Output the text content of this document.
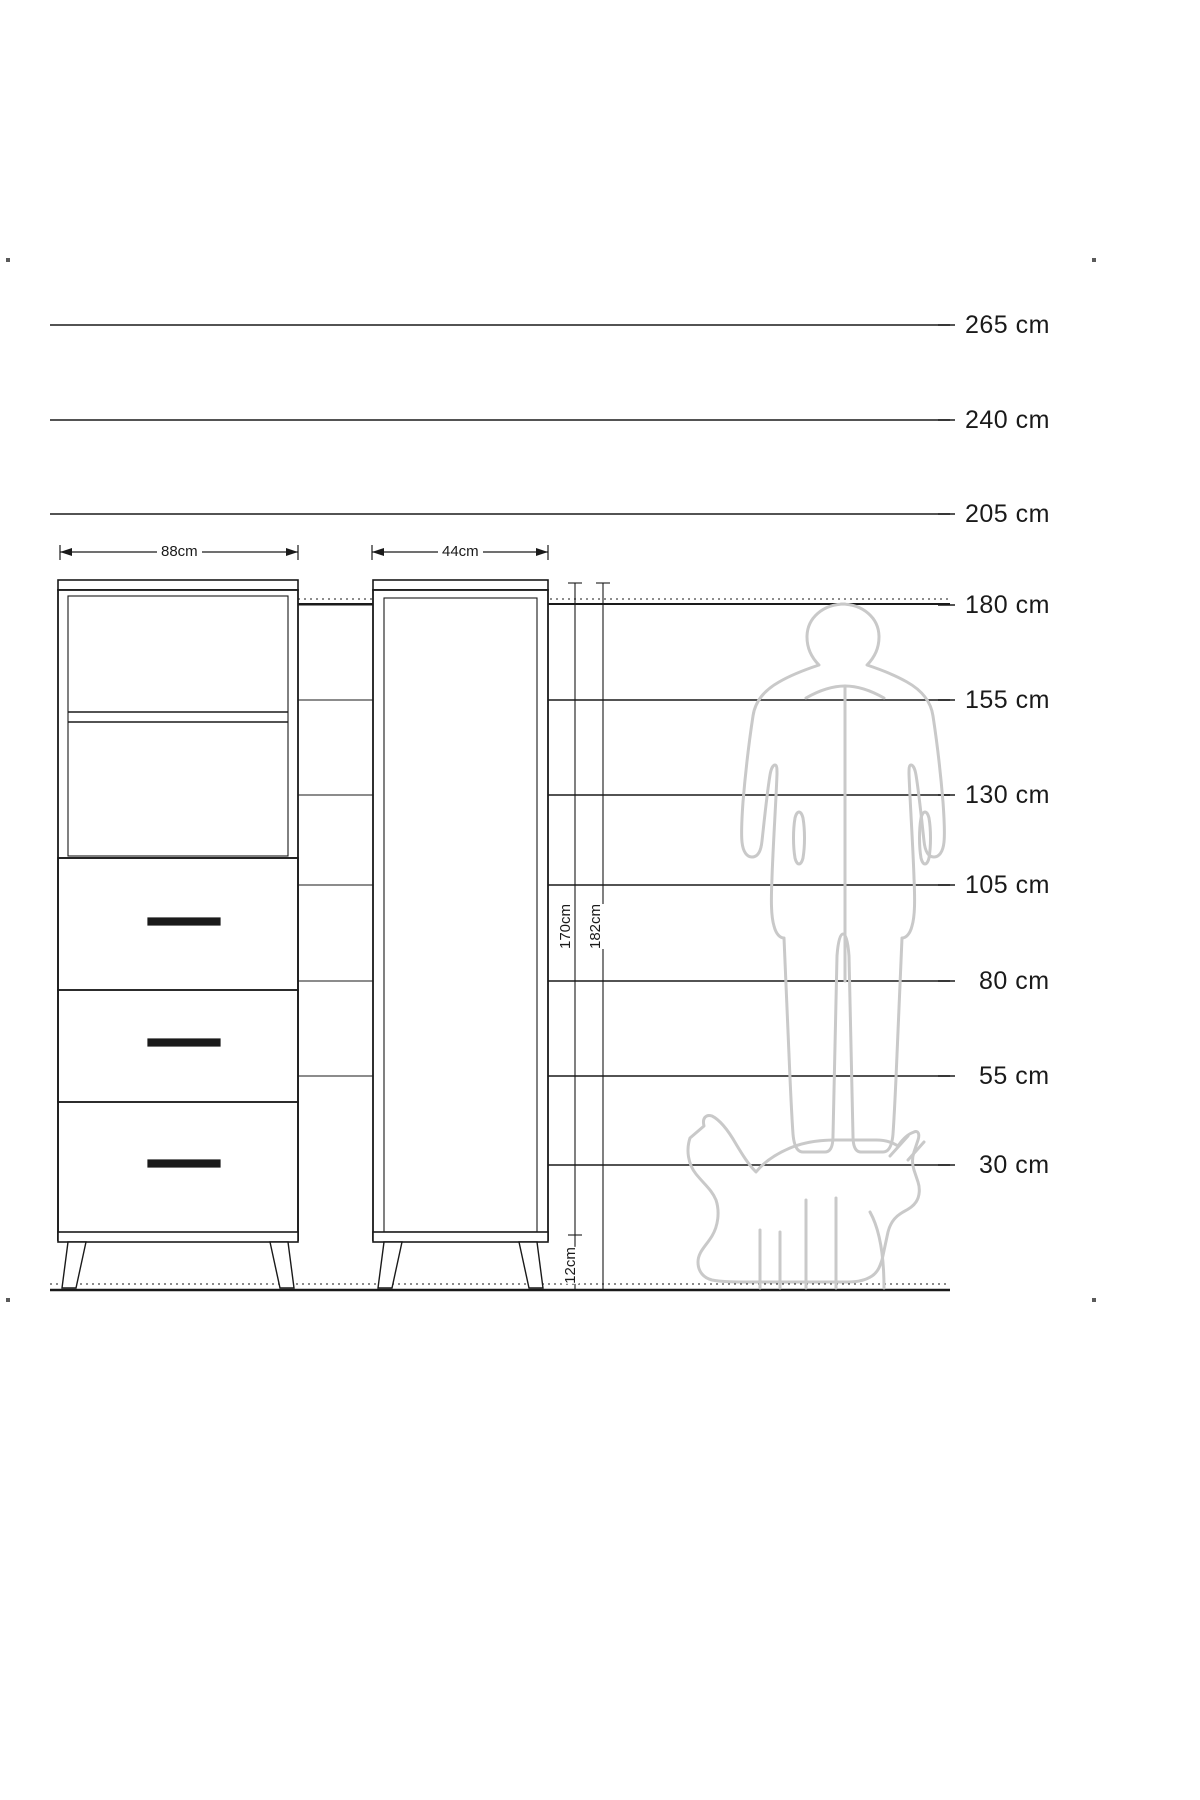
265 cm
240 cm
205 cm
180 cm
155 cm
130 cm
105 cm
80 cm
55 cm
30 cm
88cm	44cm
170cm 182cm
12cm
